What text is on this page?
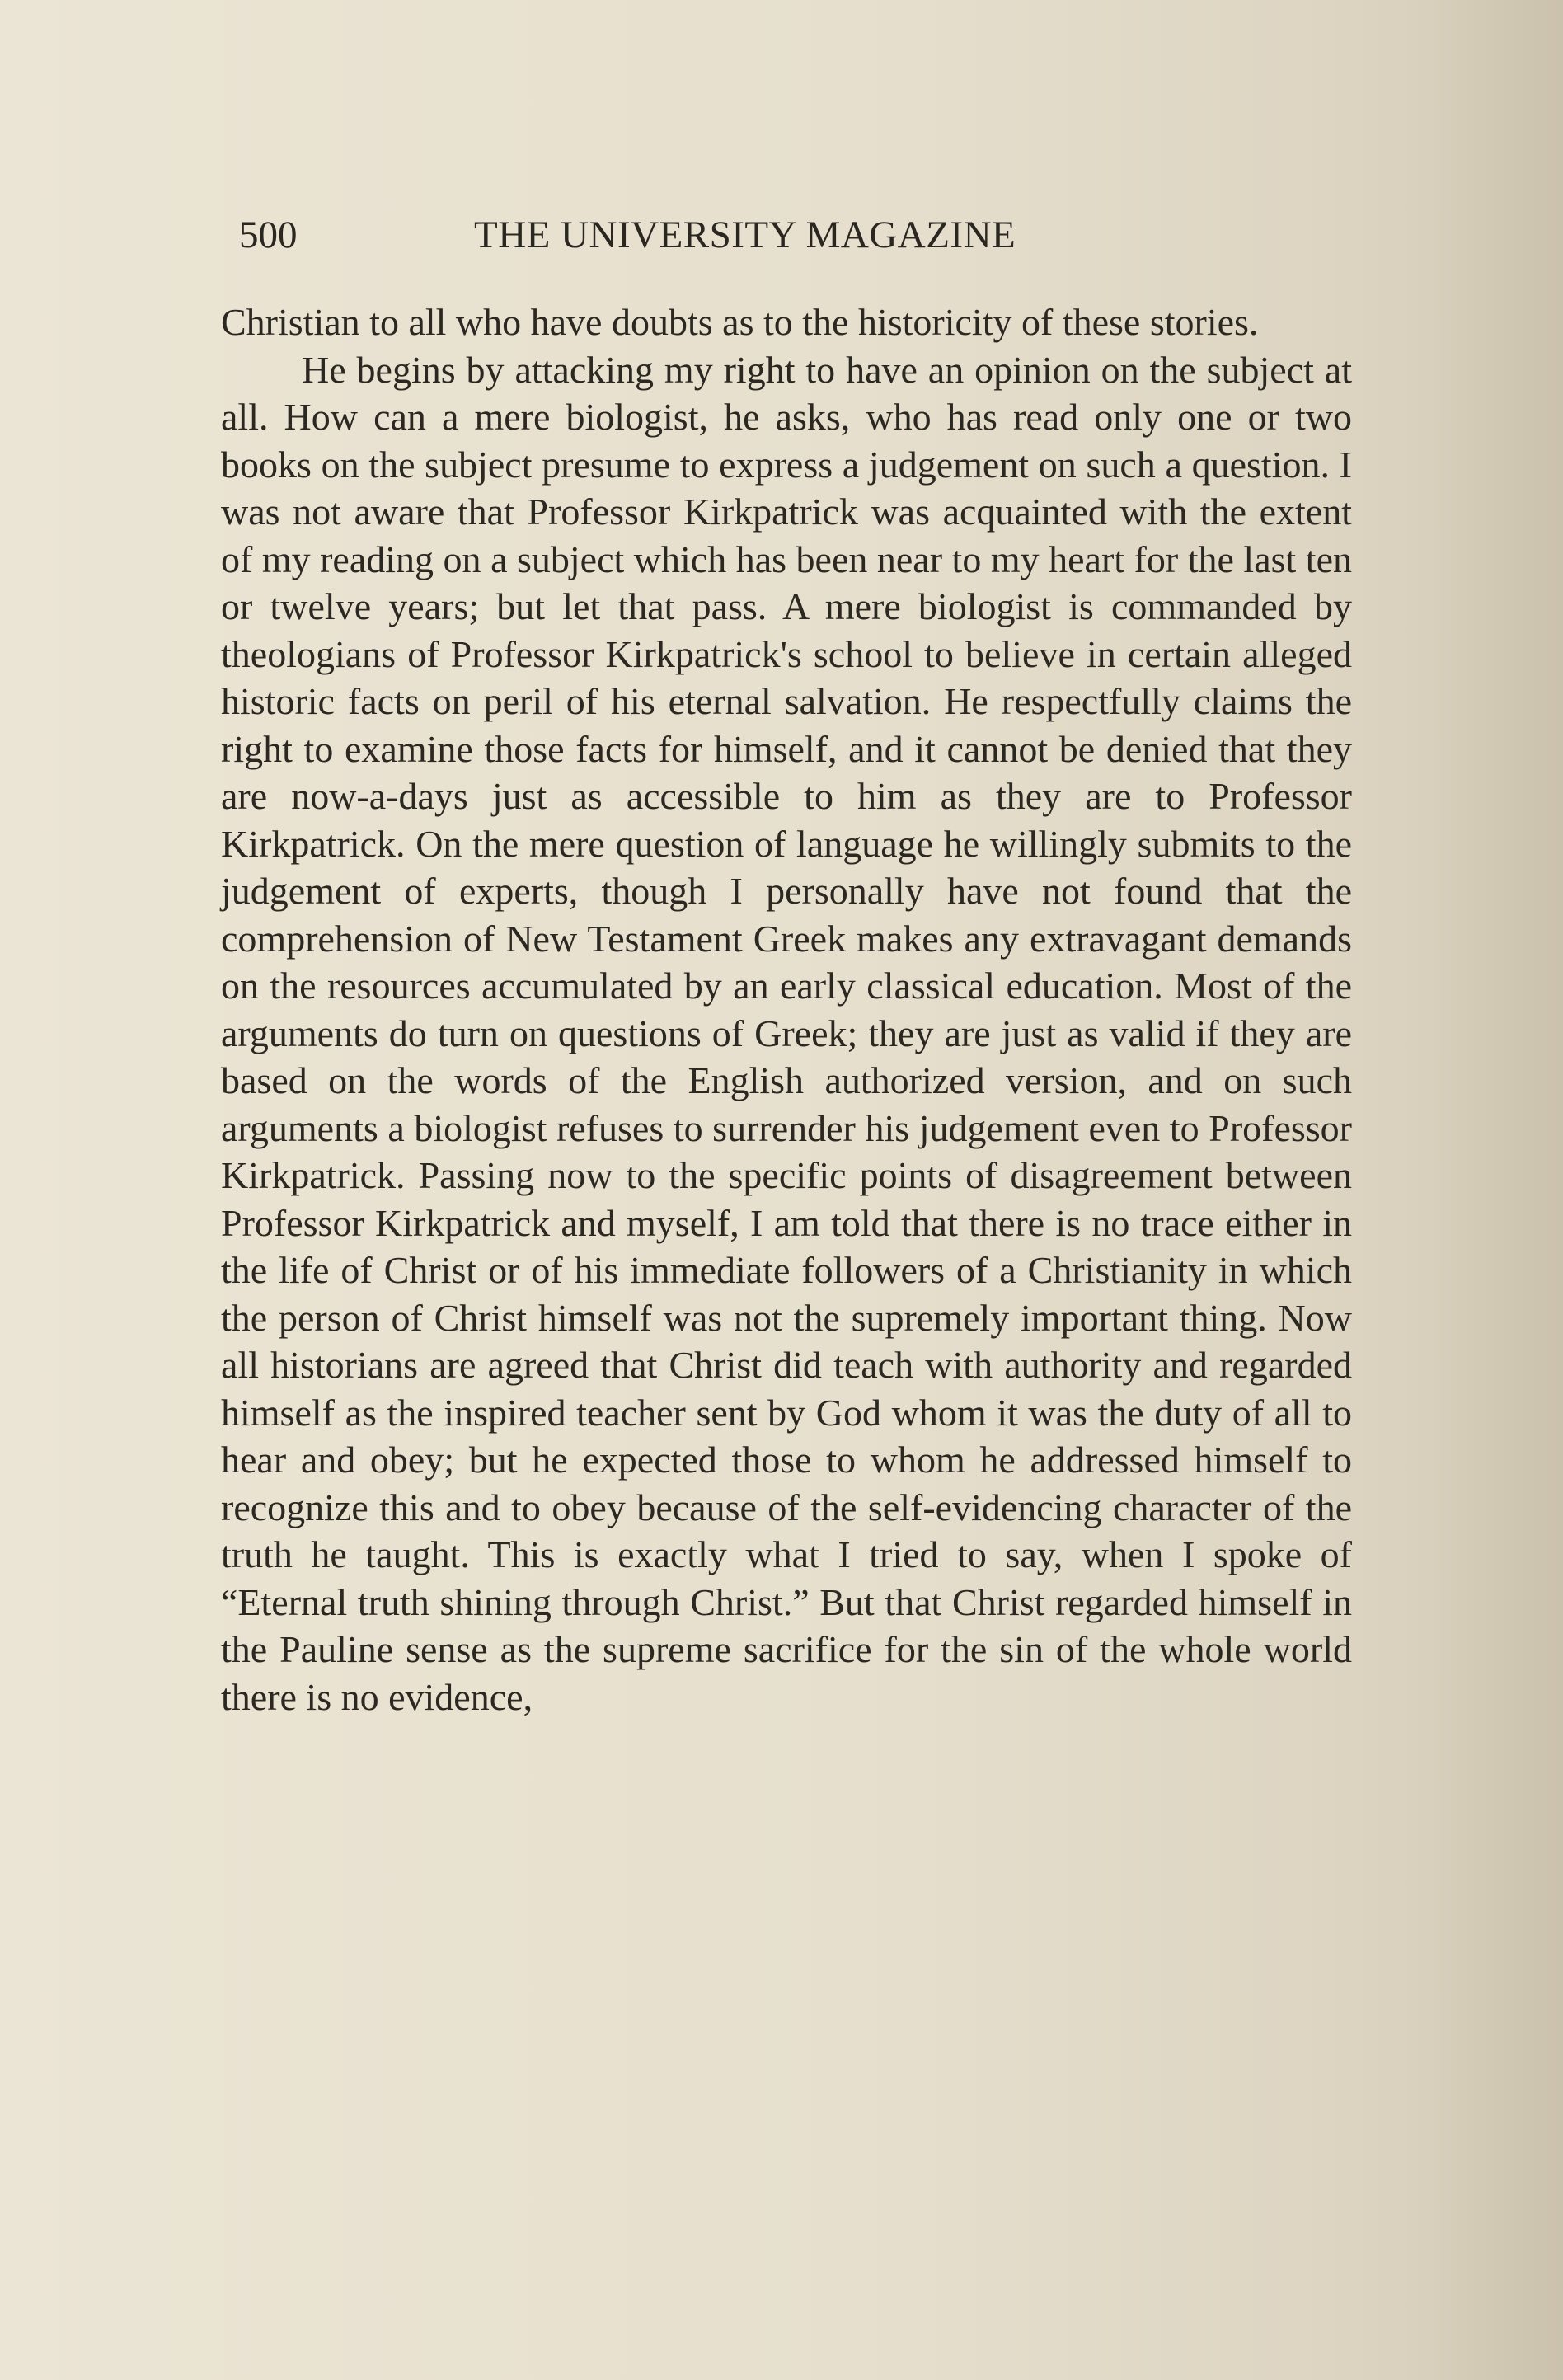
500	THE UNIVERSITY MAGAZINE

Christian to all who have doubts as to the historicity of these stories.

He begins by attacking my right to have an opinion on the subject at all. How can a mere biologist, he asks, who has read only one or two books on the subject presume to express a judgement on such a question. I was not aware that Professor Kirkpatrick was acquainted with the extent of my reading on a subject which has been near to my heart for the last ten or twelve years; but let that pass. A mere biologist is commanded by theologians of Professor Kirkpatrick's school to believe in certain alleged historic facts on peril of his eternal salvation. He respectfully claims the right to examine those facts for himself, and it cannot be denied that they are now-a-days just as accessible to him as they are to Professor Kirkpatrick. On the mere question of language he willingly submits to the judgement of experts, though I personally have not found that the comprehension of New Testament Greek makes any extravagant demands on the resources accumulated by an early classical education. Most of the arguments do turn on questions of Greek; they are just as valid if they are based on the words of the English authorized version, and on such arguments a biologist refuses to surrender his judgement even to Professor Kirkpatrick. Passing now to the specific points of disagreement between Professor Kirkpatrick and myself, I am told that there is no trace either in the life of Christ or of his immediate followers of a Christianity in which the person of Christ himself was not the supremely important thing. Now all historians are agreed that Christ did teach with authority and regarded himself as the inspired teacher sent by God whom it was the duty of all to hear and obey; but he expected those to whom he addressed himself to recognize this and to obey because of the self-evidencing character of the truth he taught. This is exactly what I tried to say, when I spoke of “Eternal truth shining through Christ.” But that Christ regarded himself in the Pauline sense as the supreme sacrifice for the sin of the whole world there is no evidence,
